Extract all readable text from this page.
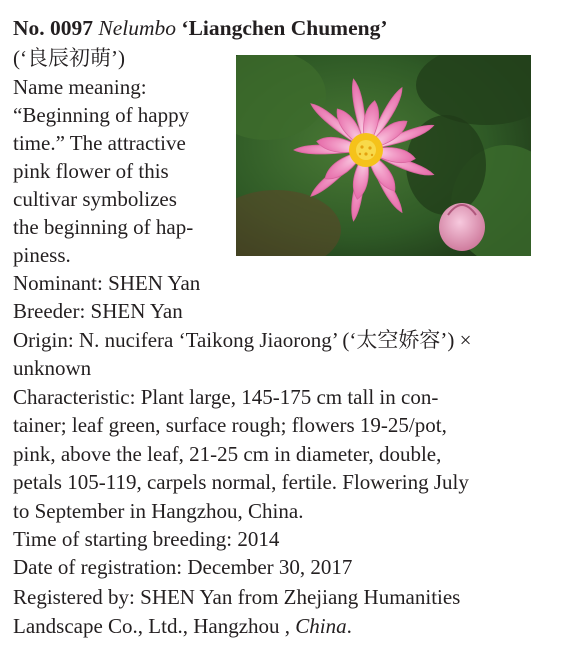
No. 0097 Nelumbo ‘Liangchen Chumeng’
(‘良辰初萌’)
Name meaning:
“Beginning of happy
time.” The attractive
pink flower of this
cultivar symbolizes
the beginning of hap-
piness.
Nominant: SHEN Yan
Breeder: SHEN Yan
Origin: N. nucifera ‘Taikong Jiaorong’ (‘太空娇容’) ×
unknown
Characteristic: Plant large, 145-175 cm tall in con-
tainer; leaf green, surface rough; flowers 19-25/pot,
pink, above the leaf, 21-25 cm in diameter, double,
petals 105-119, carpels normal, fertile. Flowering July
to September in Hangzhou, China.
Time of starting breeding: 2014
Date of registration: December 30, 2017
Registered by: SHEN Yan from Zhejiang Humanities
Landscape Co., Ltd., Hangzhou , China.
